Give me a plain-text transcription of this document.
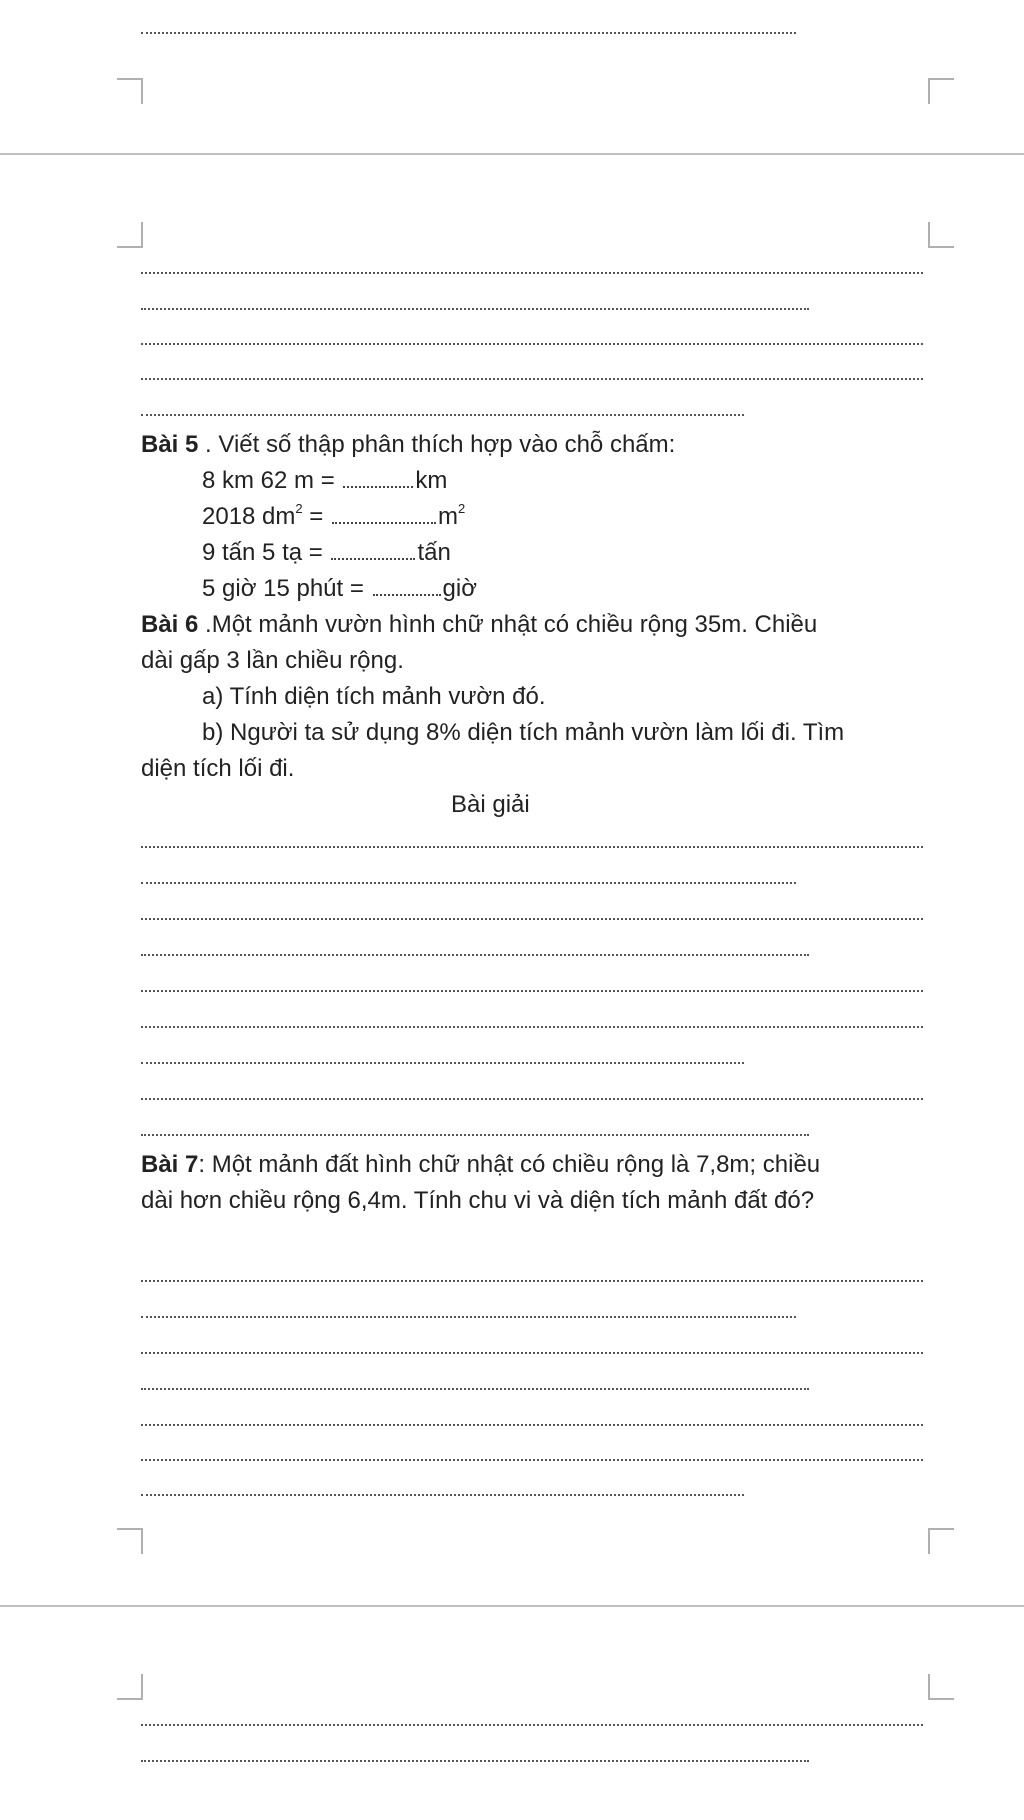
Bài 5 . Viết số thập phân thích hợp vào chỗ chấm:
8 km 62 m =	km
2018 $dm^2$ =	$m^2$
9 tấn 5 tạ =	tấn
5 giờ 15 phút =	giờ
Bài 6 .Một mảnh vườn hình chữ nhật có chiều rộng 35m. Chiều
dài gấp 3 lần chiều rộng.
a) Tính diện tích mảnh vườn đó.
b) Người ta sử dụng 8% diện tích mảnh vườn làm lối đi. Tìm
diện tích lối đi.
Bài giải
Bài 7: Một mảnh đất hình chữ nhật có chiều rộng là 7,8m; chiều
dài hơn chiều rộng 6,4m. Tính chu vi và diện tích mảnh đất đó?
